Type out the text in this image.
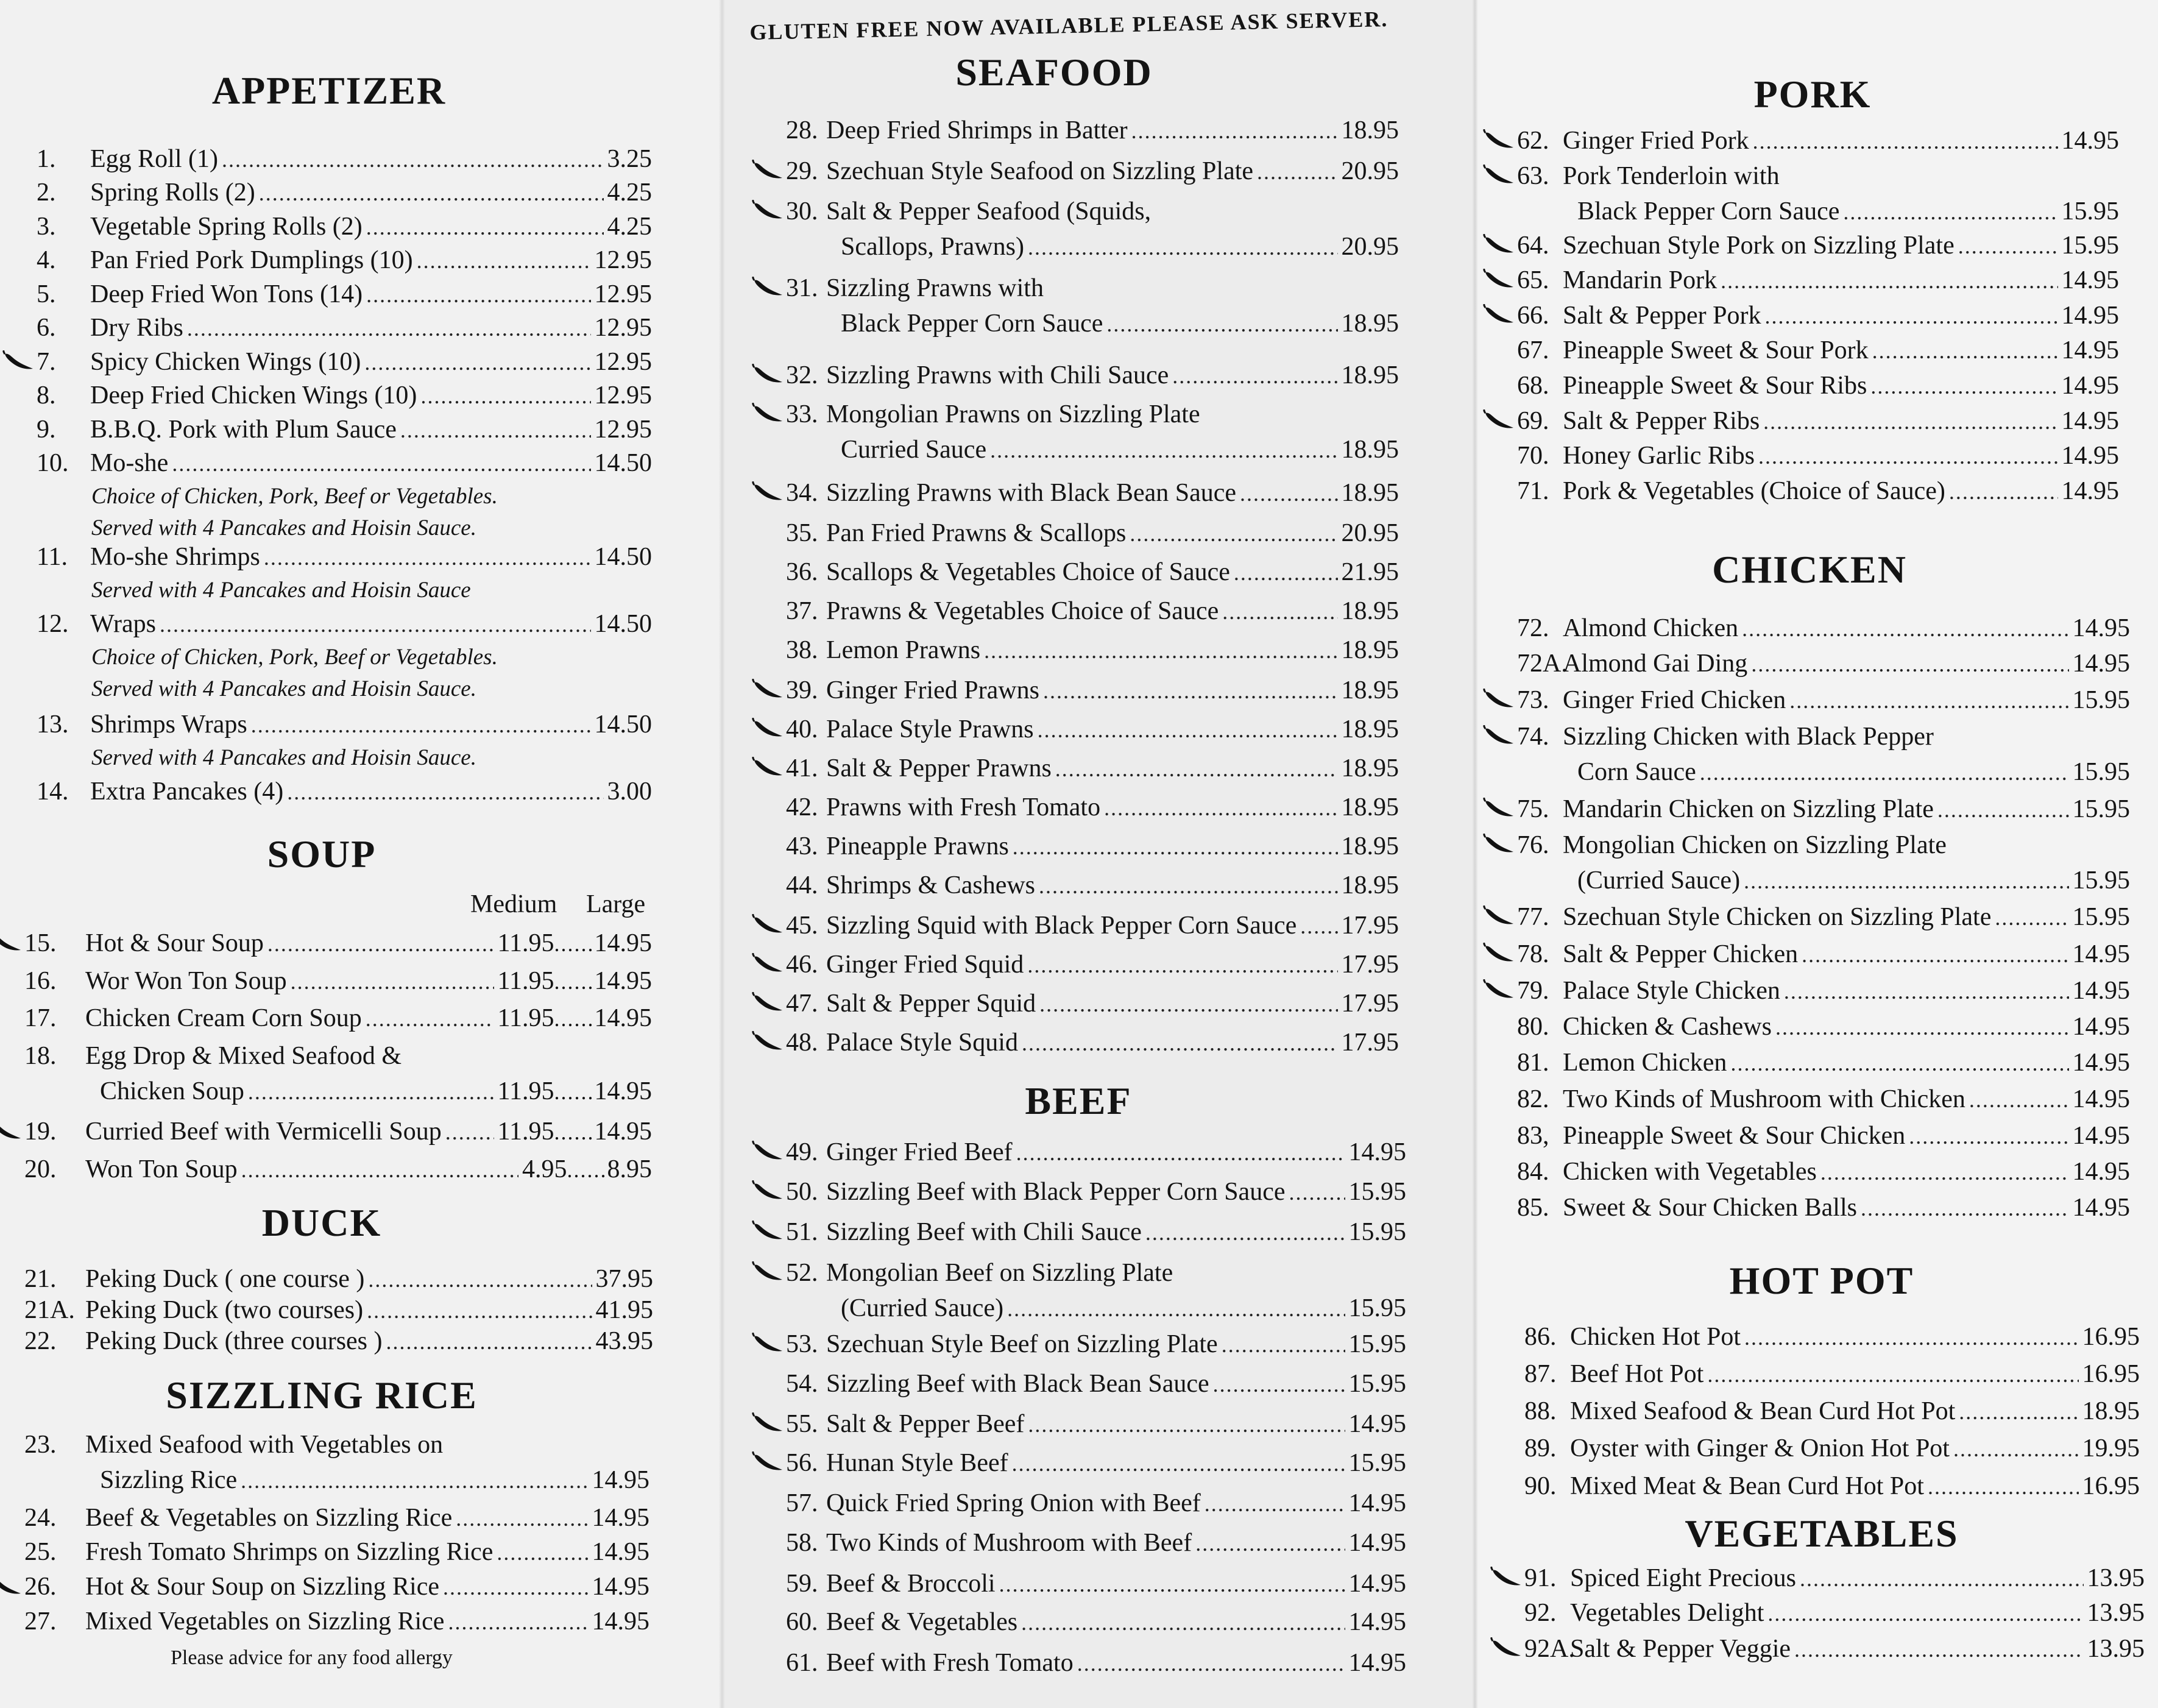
GLUTEN FREE NOW AVAILABLE PLEASE ASK SERVER.
Medium Large
Please advice for any food allergy
APPETIZER
1.	Egg Roll (1) .....	3.25
2.	Spring Rolls (2) .....	4.25
3.	Vegetable Spring Rolls (2) .....	4.25
4.	Pan Fried Pork Dumplings (10) .....	12.95
5.	Deep Fried Won Tons (14) .....	12.95
6.	Dry Ribs .....	12.95
7.	Spicy Chicken Wings (10) .....	12.95
8.	Deep Fried Chicken Wings (10) .....	12.95
9.	B.B.Q. Pork with Plum Sauce .....	12.95
10. Mo-she .....	14.50
Choice of Chicken, Pork, Beef or Vegetables.
Served with 4 Pancakes and Hoisin Sauce.
11. Mo-she Shrimps .....	14.50
Served with 4 Pancakes and Hoisin Sauce
12. Wraps .....	14.50
Choice of Chicken, Pork, Beef or Vegetables.
Served with 4 Pancakes and Hoisin Sauce.
13. Shrimps Wraps .....	14.50
Served with 4 Pancakes and Hoisin Sauce.
14. Extra Pancakes (4) .....	3.00
SOUP
15.	Hot & Sour Soup .....	11.95 ..... 14.95
16.	Wor Won Ton Soup .....	11.95 ..... 14.95
17.	Chicken Cream Corn Soup .....	11.95 ..... 14.95
18.	Egg Drop & Mixed Seafood &
Chicken Soup .....	11.95 ..... 14.95
19.	Curried Beef with Vermicelli Soup ..... 11.95 ..... 14.95
20.	Won Ton Soup .....	4.95 ..... 8.95
DUCK
21.	Peking Duck ( one course ) .....	37.95
21A. Peking Duck (two courses) .....	41.95
22.	Peking Duck (three courses ) .....	43.95
SIZZLING RICE
23.	Mixed Seafood with Vegetables on
Sizzling Rice .....	14.95
24.	Beef & Vegetables on Sizzling Rice .....	14.95
25.	Fresh Tomato Shrimps on Sizzling Rice .....	14.95
26.	Hot & Sour Soup on Sizzling Rice .....	14.95
27.	Mixed Vegetables on Sizzling Rice .....	14.95
SEAFOOD
28. Deep Fried Shrimps in Batter .....	18.95
29. Szechuan Style Seafood on Sizzling Plate .....	20.95
30. Salt & Pepper Seafood (Squids,
Scallops, Prawns) .....	20.95
31. Sizzling Prawns with
Black Pepper Corn Sauce .....	18.95
32. Sizzling Prawns with Chili Sauce .....	18.95
33. Mongolian Prawns on Sizzling Plate
Curried Sauce .....	18.95
34. Sizzling Prawns with Black Bean Sauce .....	18.95
35. Pan Fried Prawns & Scallops .....	20.95
36. Scallops & Vegetables Choice of Sauce .....	21.95
37. Prawns & Vegetables Choice of Sauce .....	18.95
38. Lemon Prawns .....	18.95
39. Ginger Fried Prawns .....	18.95
40. Palace Style Prawns .....	18.95
41. Salt & Pepper Prawns .....	18.95
42. Prawns with Fresh Tomato .....	18.95
43. Pineapple Prawns .....	18.95
44. Shrimps & Cashews .....	18.95
45. Sizzling Squid with Black Pepper Corn Sauce ..... 17.95
46. Ginger Fried Squid .....	17.95
47. Salt & Pepper Squid .....	17.95
48. Palace Style Squid .....	17.95
BEEF
49. Ginger Fried Beef .....	14.95
50. Sizzling Beef with Black Pepper Corn Sauce ..... 15.95
51. Sizzling Beef with Chili Sauce .....	15.95
52. Mongolian Beef on Sizzling Plate
(Curried Sauce) .....	15.95
53. Szechuan Style Beef on Sizzling Plate .....	15.95
54. Sizzling Beef with Black Bean Sauce .....	15.95
55. Salt & Pepper Beef .....	14.95
56. Hunan Style Beef .....	15.95
57. Quick Fried Spring Onion with Beef .....	14.95
58. Two Kinds of Mushroom with Beef .....	14.95
59. Beef & Broccoli .....	14.95
60. Beef & Vegetables .....	14.95
61. Beef with Fresh Tomato .....	14.95
PORK
62. Ginger Fried Pork .....	14.95
63. Pork Tenderloin with
Black Pepper Corn Sauce .....	15.95
64. Szechuan Style Pork on Sizzling Plate .....	15.95
65. Mandarin Pork .....	14.95
66. Salt & Pepper Pork .....	14.95
67. Pineapple Sweet & Sour Pork .....	14.95
68. Pineapple Sweet & Sour Ribs .....	14.95
69. Salt & Pepper Ribs .....	14.95
70. Honey Garlic Ribs .....	14.95
71. Pork & Vegetables (Choice of Sauce) .....	14.95
CHICKEN
72. Almond Chicken .....	14.95
72A.
Almond Gai Ding .....	14.95
73. Ginger Fried Chicken .....	15.95
74. Sizzling Chicken with Black Pepper
Corn Sauce .....	15.95
75. Mandarin Chicken on Sizzling Plate .....	15.95
76. Mongolian Chicken on Sizzling Plate
(Curried Sauce) .....	15.95
77. Szechuan Style Chicken on Sizzling Plate .....	15.95
78. Salt & Pepper Chicken .....	14.95
79. Palace Style Chicken .....	14.95
80. Chicken & Cashews .....	14.95
81. Lemon Chicken .....	14.95
82. Two Kinds of Mushroom with Chicken .....	14.95
83, Pineapple Sweet & Sour Chicken .....	14.95
84. Chicken with Vegetables .....	14.95
85. Sweet & Sour Chicken Balls .....	14.95
HOT POT
86. Chicken Hot Pot .....	16.95
87. Beef Hot Pot .....	16.95
88. Mixed Seafood & Bean Curd Hot Pot .....	18.95
89. Oyster with Ginger & Onion Hot Pot .....	19.95
90. Mixed Meat & Bean Curd Hot Pot .....	16.95
VEGETABLES
91. Spiced Eight Precious .....	13.95
92. Vegetables Delight .....	13.95
92A.
Salt & Pepper Veggie .....	13.95
